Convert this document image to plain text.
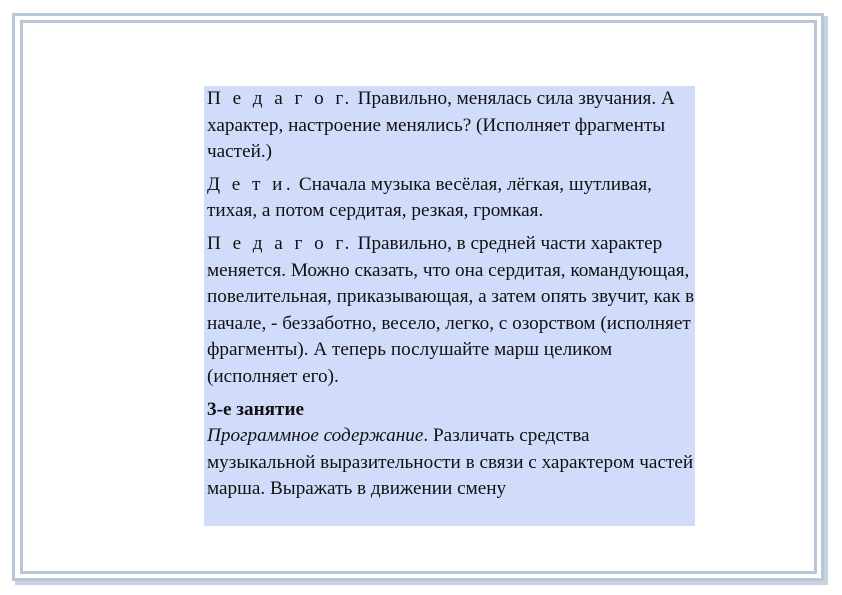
П е д а г о г. Правильно, менялась сила звучания. А характер, настроение менялись? (Исполняет фрагменты частей.)

Д е т и. Сначала музыка весёлая, лёгкая, шутливая, тихая, а потом сердитая, резкая, громкая.

П е д а г о г. Правильно, в средней части характер меняется. Можно сказать, что она сердитая, командующая, повелительная, приказывающая, а затем опять звучит, как в начале, - беззаботно, весело, легко, с озорством (исполняет фрагменты). А теперь послушайте марш целиком (исполняет его).

3-е занятие

Программное содержание. Различать средства музыкальной выразительности в связи с характером частей марша. Выражать в движении смену
